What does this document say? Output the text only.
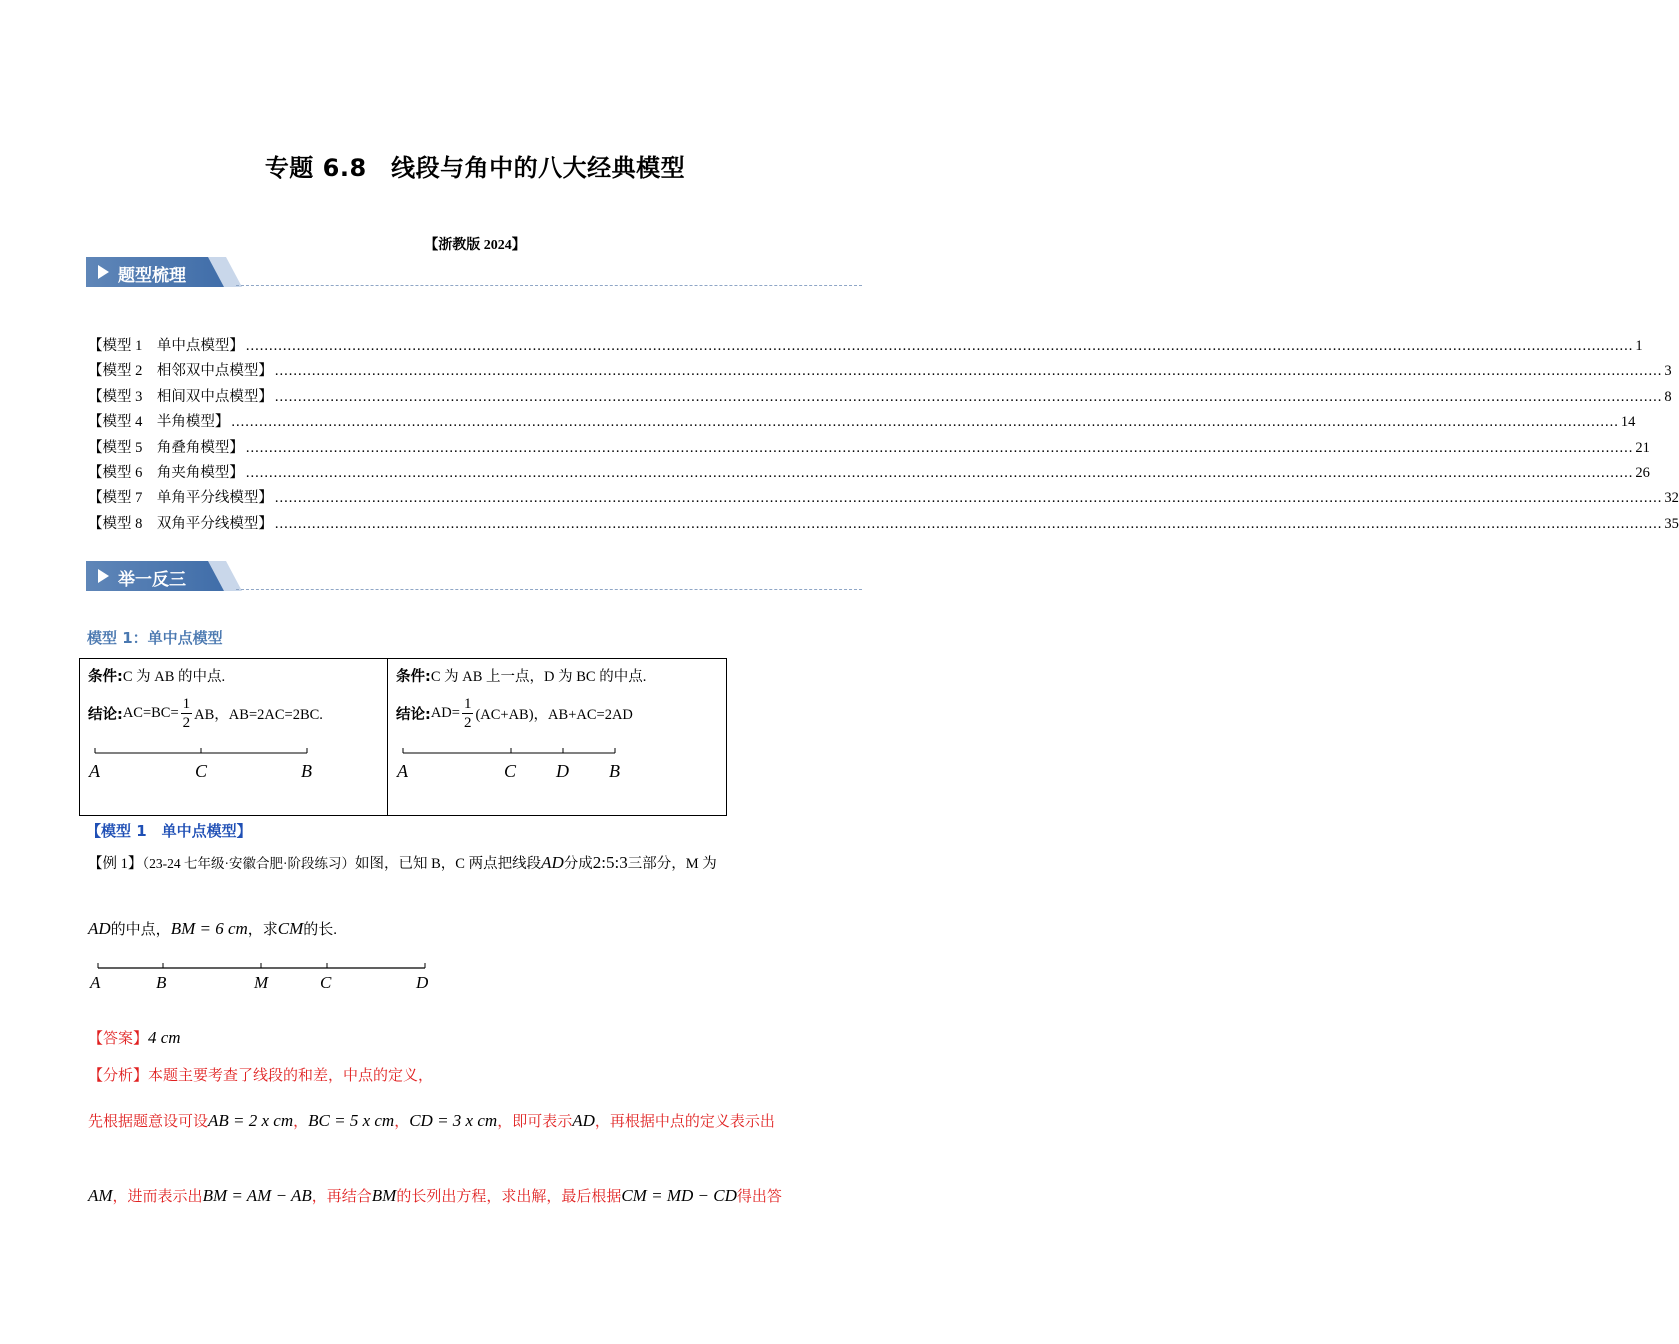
专题 6.8　线段与角中的八大经典模型
【浙教版 2024】
题型梳理
【模型 1　单中点模型】 ............................................................................................................................................................................................................................................................................................................ 1
【模型 2　相邻双中点模型】 ............................................................................................................................................................................................................................................................................................................ 3
【模型 3　相间双中点模型】 ............................................................................................................................................................................................................................................................................................................ 8
【模型 4　半角模型】 ............................................................................................................................................................................................................................................................................................................ 14
【模型 5　角叠角模型】 ............................................................................................................................................................................................................................................................................................................ 21
【模型 6　角夹角模型】 ............................................................................................................................................................................................................................................................................................................ 26
【模型 7　单角平分线模型】 ............................................................................................................................................................................................................................................................................................................ 32
【模型 8　双角平分线模型】 ............................................................................................................................................................................................................................................................................................................ 35
举一反三
模型 1：单中点模型
条件:C 为 AB 的中点.
结论: $AC=BC= \frac{1}{2}$ AB，AB=2AC=2BC.
A	C	B
条件:C 为 AB 上一点，D 为 BC 的中点.
结论: $AD= \frac{1}{2} (AC+AB)$，AB+AC=2AD
A	C D B
【模型 1　单中点模型】
【例 1】（23-24 七年级·安徽合肥·阶段练习）如图，已知 B，C 两点把线段AD分成2:5:3三部分，M 为
AD的中点，BM = 6 cm，求CM的长.
A	B	M	C	D
【答案】4 cm
【分析】本题主要考查了线段的和差，中点的定义，
先根据题意设可设AB = 2 x cm，BC = 5 x cm，CD = 3 x cm，即可表示AD，再根据中点的定义表示出
AM，进而表示出BM = AM − AB，再结合BM的长列出方程，求出解，最后根据CM = MD − CD得出答
